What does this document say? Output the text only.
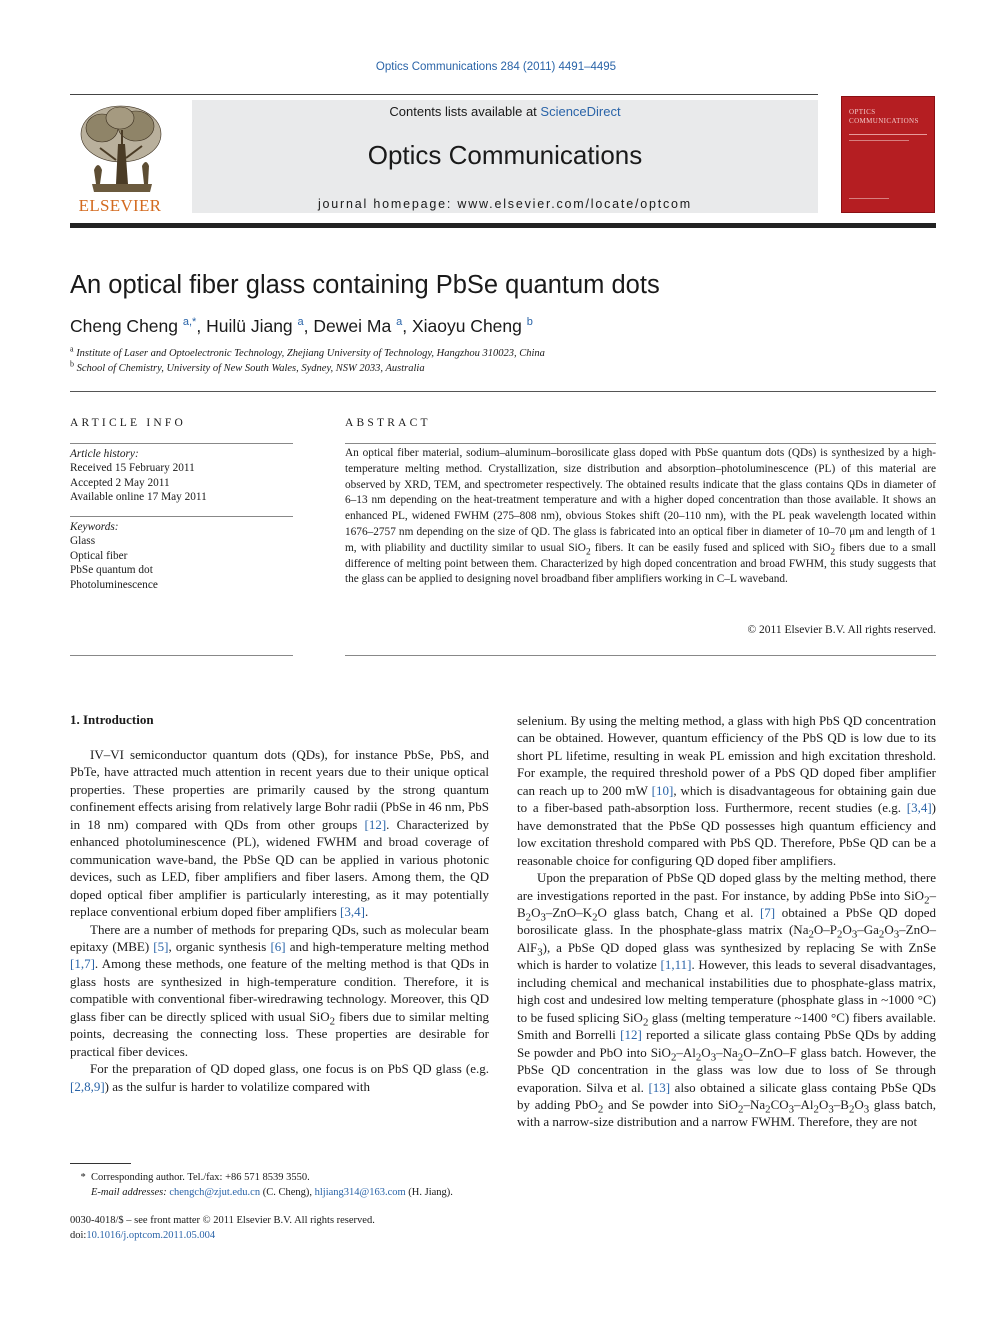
Optics Communications 284 (2011) 4491–4495
ELSEVIER
Contents lists available at ScienceDirect
Optics Communications
journal homepage: www.elsevier.com/locate/optcom
OPTICS COMMUNICATIONS
An optical fiber glass containing PbSe quantum dots
Cheng Cheng $^{a,*}$, Huilü Jiang $^a$, Dewei Ma $^a$, Xiaoyu Cheng $^b$
$^a$ Institute of Laser and Optoelectronic Technology, Zhejiang University of Technology, Hangzhou 310023, China
$^b$ School of Chemistry, University of New South Wales, Sydney, NSW 2033, Australia
ARTICLE INFO
Article history:
Received 15 February 2011
Accepted 2 May 2011
Available online 17 May 2011
Keywords:
Glass
Optical fiber
PbSe quantum dot
Photoluminescence
ABSTRACT
An optical fiber material, sodium–aluminum–borosilicate glass doped with PbSe quantum dots (QDs) is synthesized by a high-temperature melting method. Crystallization, size distribution and absorption–photoluminescence (PL) of this material are observed by XRD, TEM, and spectrometer respectively. The obtained results indicate that the glass contains QDs in diameter of 6–13 nm depending on the heat-treatment temperature and with a higher doped concentration than those available. It shows an enhanced PL, widened FWHM (275–808 nm), obvious Stokes shift (20–110 nm), with the PL peak wavelength located within 1676–2757 nm depending on the size of QD. The glass is fabricated into an optical fiber in diameter of 10–70 μm and length of 1 m, with pliability and ductility similar to usual SiO$_2$ fibers. It can be easily fused and spliced with SiO$_2$ fibers due to a small difference of melting point between them. Characterized by high doped concentration and broad FWHM, this study suggests that the glass can be applied to designing novel broadband fiber amplifiers working in C–L waveband.
© 2011 Elsevier B.V. All rights reserved.
1. Introduction

IV–VI semiconductor quantum dots (QDs), for instance PbSe, PbS, and PbTe, have attracted much attention in recent years due to their unique optical properties. These properties are primarily caused by the strong quantum confinement effects arising from relatively large Bohr radii (PbSe in 46 nm, PbS in 18 nm) compared with QDs from other groups [12]. Characterized by enhanced photoluminescence (PL), widened FWHM and broad coverage of communication wave-band, the PbSe QD can be applied in various photonic devices, such as LED, fiber amplifiers and fiber lasers. Among them, the QD doped optical fiber amplifier is particularly interesting, as it may potentially replace conventional erbium doped fiber amplifiers [3,4].

There are a number of methods for preparing QDs, such as molecular beam epitaxy (MBE) [5], organic synthesis [6] and high-temperature melting method [1,7]. Among these methods, one feature of the melting method is that QDs in glass hosts are synthesized in high-temperature condition. Therefore, it is compatible with conventional fiber-wiredrawing technology. Moreover, this QD glass fiber can be directly spliced with usual SiO$_2$ fibers due to similar melting points, decreasing the connecting loss. These properties are desirable for practical fiber devices.

For the preparation of QD doped glass, one focus is on PbS QD glass (e.g. [2,8,9]) as the sulfur is harder to volatilize compared with

selenium. By using the melting method, a glass with high PbS QD concentration can be obtained. However, quantum efficiency of the PbS QD is low due to its short PL lifetime, resulting in weak PL emission and high excitation threshold. For example, the required threshold power of a PbS QD doped fiber amplifier can reach up to 200 mW [10], which is disadvantageous for obtaining gain due to a fiber-based path-absorption loss. Furthermore, recent studies (e.g. [3,4]) have demonstrated that the PbSe QD possesses high quantum efficiency and low excitation threshold compared with PbS QD. Therefore, PbSe QD can be a reasonable choice for configuring QD doped fiber amplifiers.

Upon the preparation of PbSe QD doped glass by the melting method, there are investigations reported in the past. For instance, by adding PbSe into $SiO_2-B_2O_3-ZnO-K_2O$ glass batch, Chang et al. [7] obtained a PbSe QD doped borosilicate glass. In the phosphate-glass matrix $(Na_2O-P_2O_3-Ga_2O_3-ZnO-AlF_3)$, a PbSe QD doped glass was synthesized by replacing Se with ZnSe which is harder to volatize [1,11]. However, this leads to several disadvantages, including chemical and mechanical instabilities due to phosphate-glass matrix, high cost and undesired low melting temperature (phosphate glass in ~1000 °C) to be fused splicing SiO$_2$ glass (melting temperature ~1400 °C) fibers available. Smith and Borrelli [12] reported a silicate glass containg PbSe QDs by adding Se powder and PbO into $SiO_2-Al_2O_3-Na_2O-ZnO-F$ glass batch. However, the PbSe QD concentration in the glass was low due to loss of Se through evaporation. Silva et al. [13] also obtained a silicate glass containg PbSe QDs by adding PbO$_2$ and Se powder into $SiO_2-Na_2CO_3-Al_2O_3-B_2O_3$ glass batch, with a narrow-size distribution and a narrow FWHM. Therefore, they are not

*  Corresponding author. Tel./fax: +86 571 8539 3550.
E-mail addresses: chengch@zjut.edu.cn (C. Cheng), hljiang314@163.com (H. Jiang).
0030-4018/$ – see front matter © 2011 Elsevier B.V. All rights reserved.
doi:10.1016/j.optcom.2011.05.004
